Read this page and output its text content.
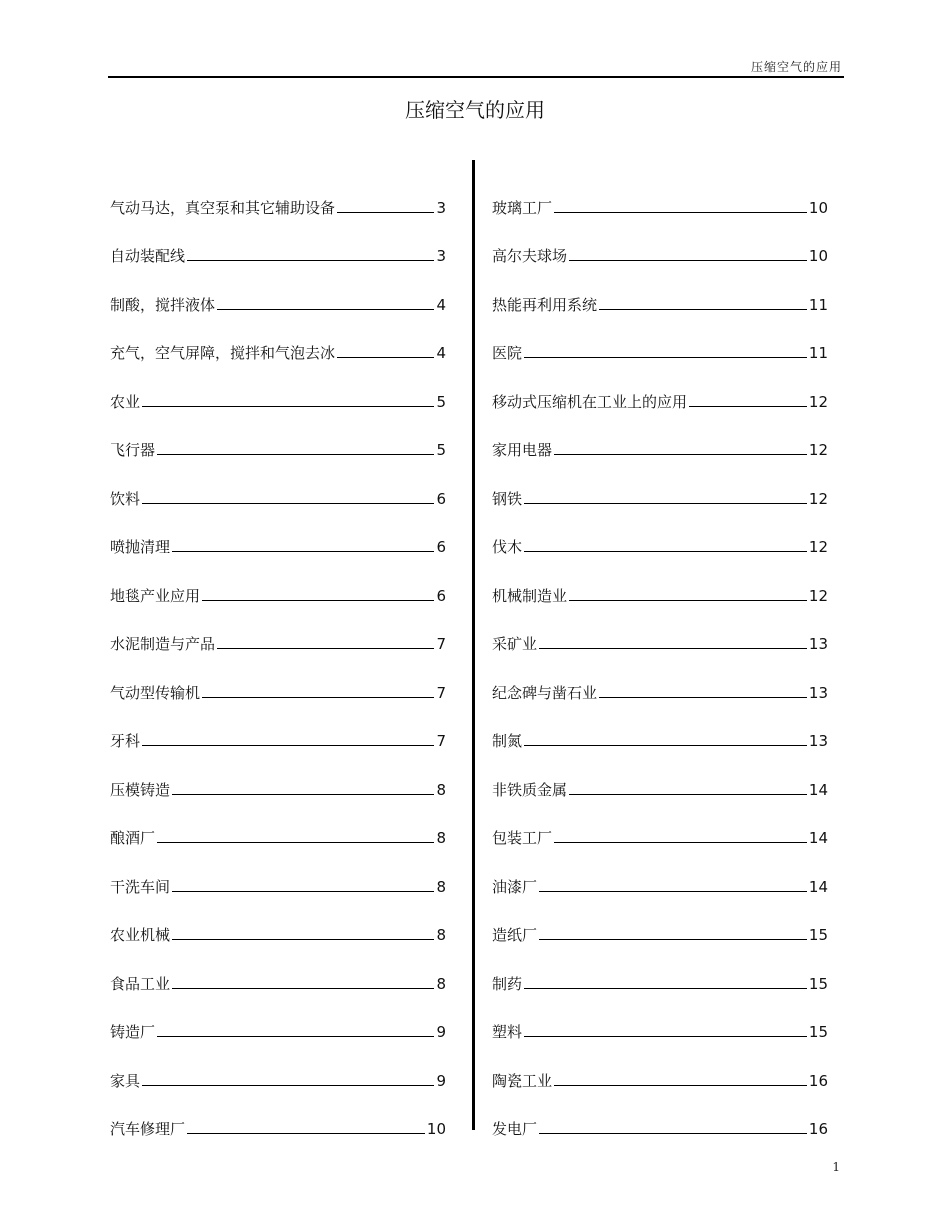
压缩空气的应用
压缩空气的应用
气动马达，真空泵和其它辅助设备	3
自动装配线	3
制酸，搅拌液体	4
充气，空气屏障，搅拌和气泡去冰	4
农业	5
飞行器	5
饮料	6
喷抛清理	6
地毯产业应用	6
水泥制造与产品	7
气动型传输机	7
牙科	7
压模铸造	8
酿酒厂	8
干洗车间	8
农业机械	8
食品工业	8
铸造厂	9
家具	9
汽车修理厂	10
玻璃工厂	10
高尔夫球场	10
热能再利用系统	11
医院	11
移动式压缩机在工业上的应用	12
家用电器	12
钢铁	12
伐木	12
机械制造业	12
采矿业	13
纪念碑与凿石业	13
制氮	13
非铁质金属	14
包装工厂	14
油漆厂	14
造纸厂	15
制药	15
塑料	15
陶瓷工业	16
发电厂	16
1
